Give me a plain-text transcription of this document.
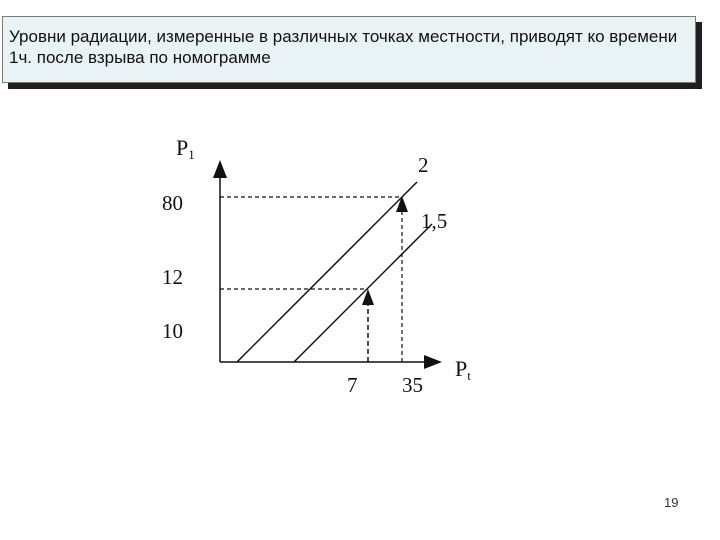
Уровни радиации, измеренные в различных точках местности, приводят ко времени 1ч. после взрыва по номограмме

P1
Pt
80
12
10
7 35
2
1,5
19
